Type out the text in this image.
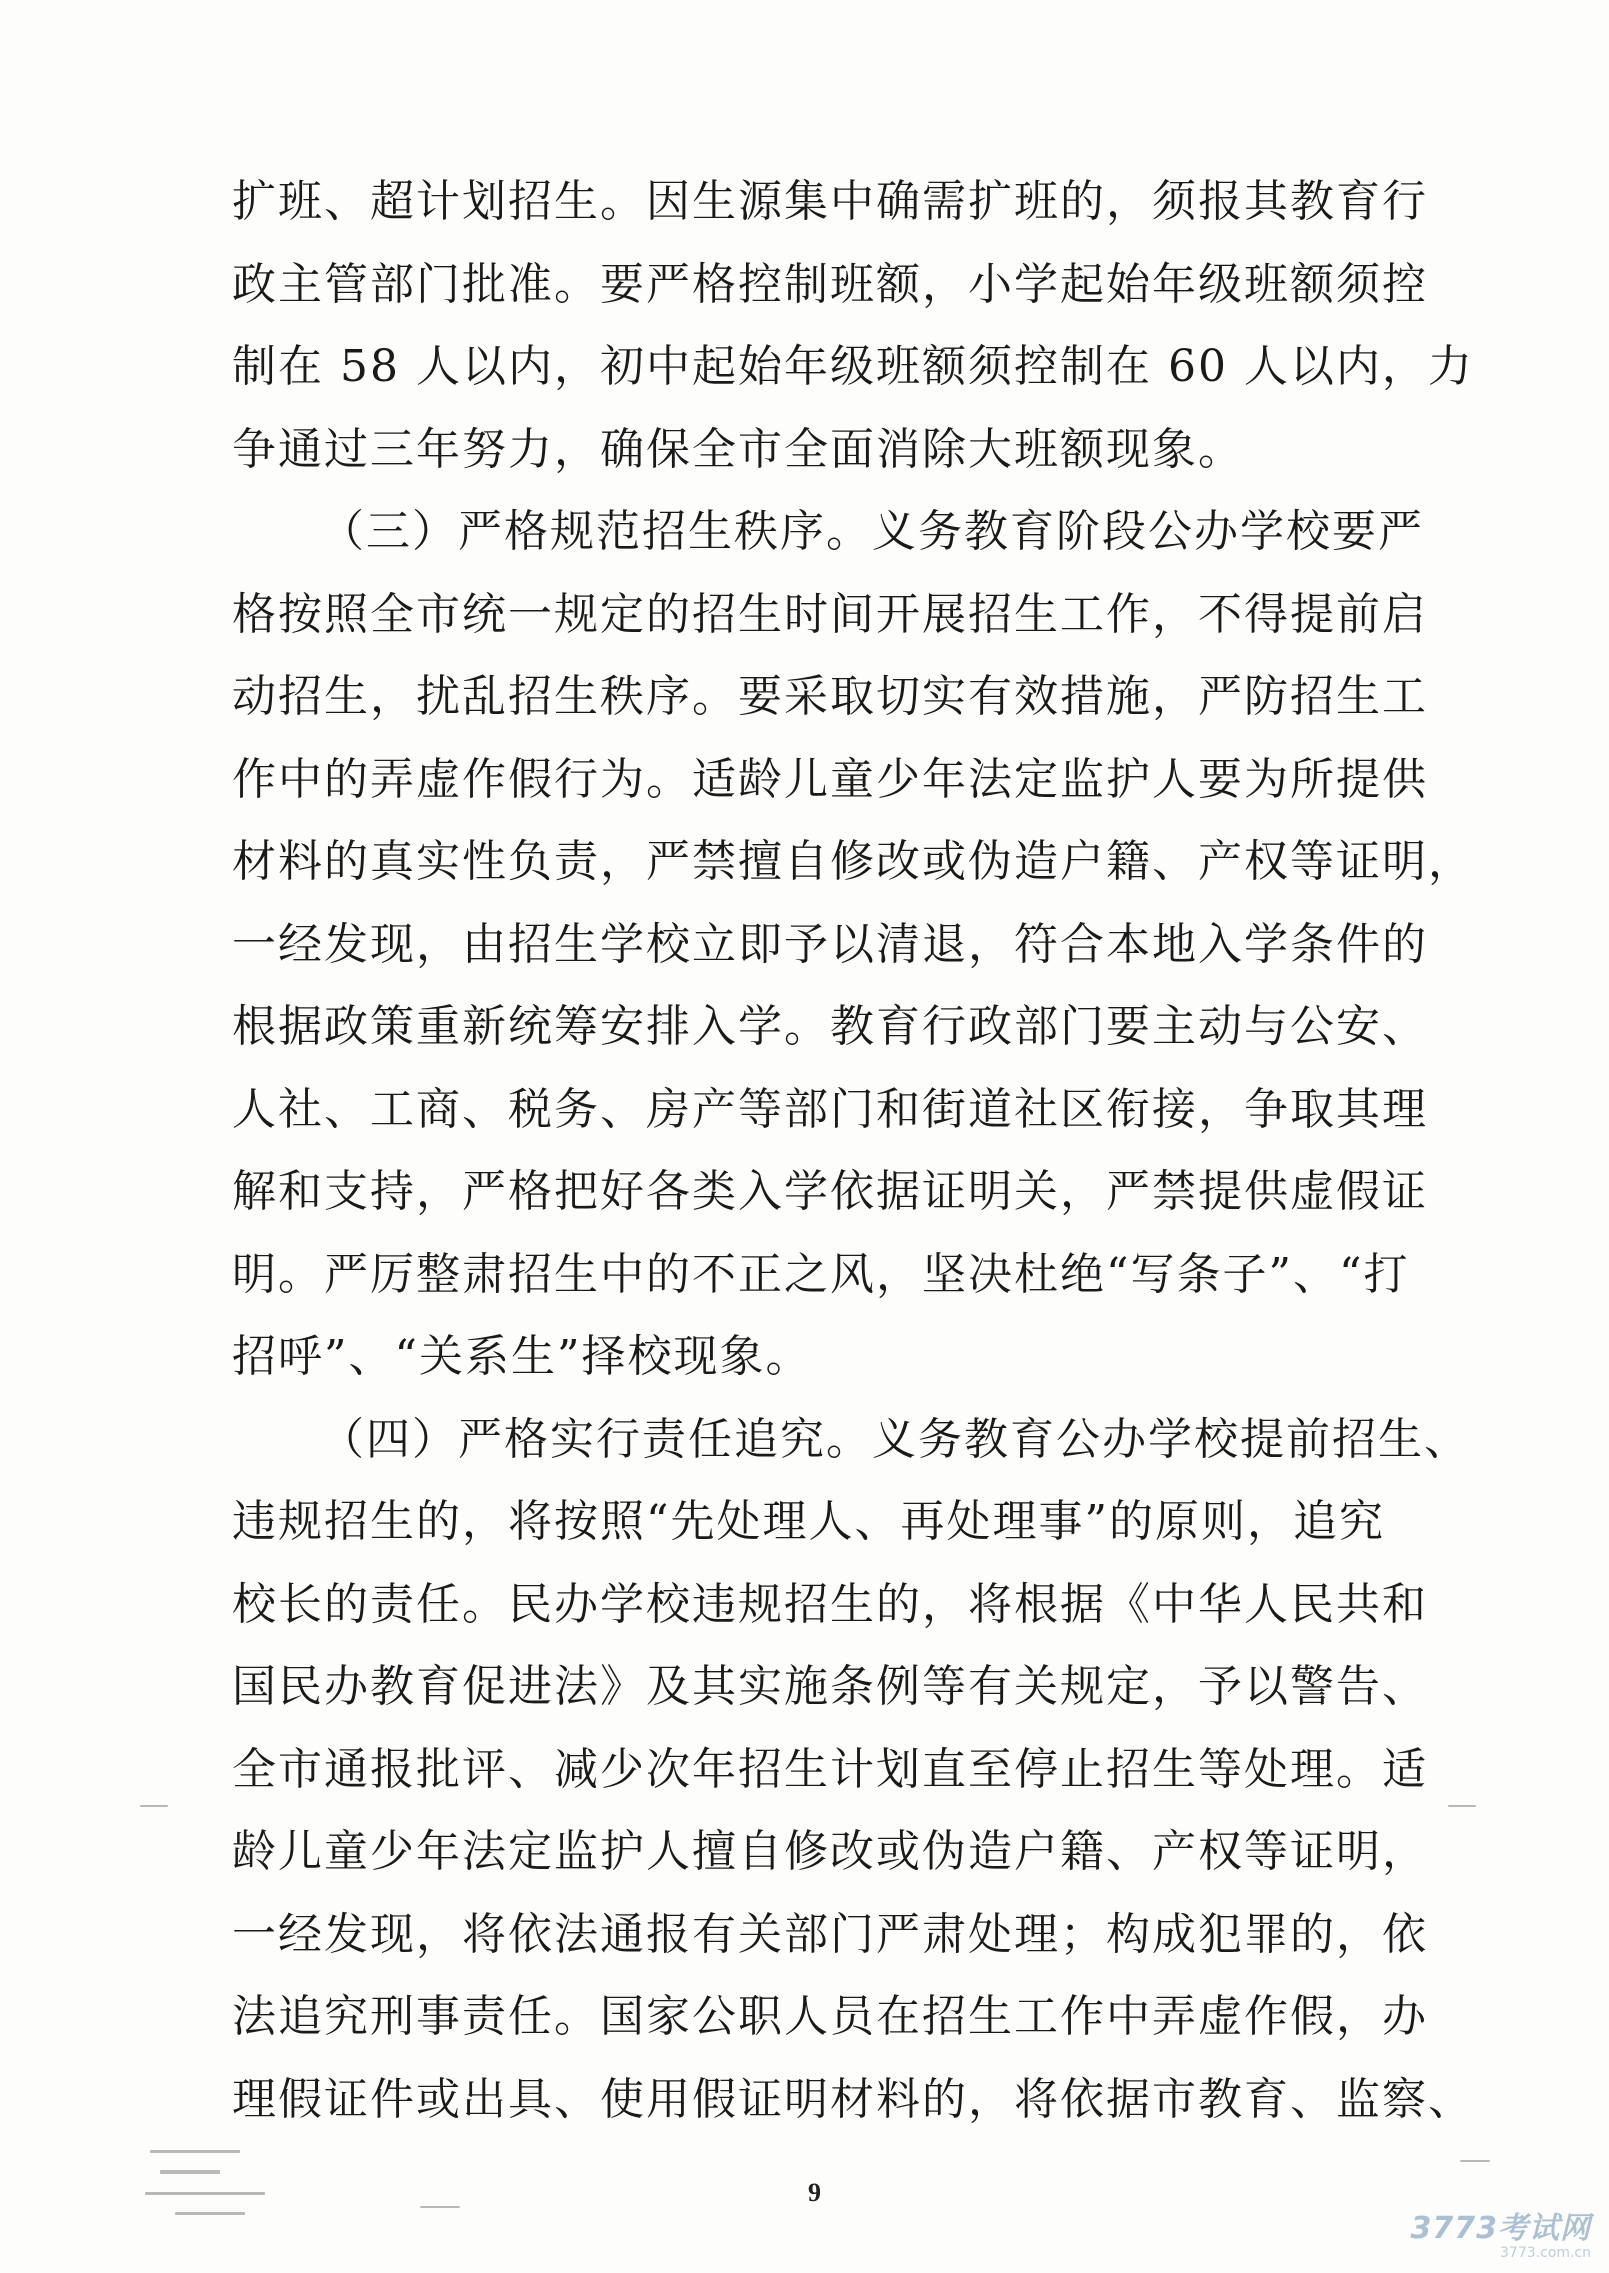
扩班、超计划招生。因生源集中确需扩班的，须报其教育行
政主管部门批准。要严格控制班额，小学起始年级班额须控
制在 58 人以内，初中起始年级班额须控制在 60 人以内，力
争通过三年努力，确保全市全面消除大班额现象。
（三）严格规范招生秩序。义务教育阶段公办学校要严
格按照全市统一规定的招生时间开展招生工作，不得提前启
动招生，扰乱招生秩序。要采取切实有效措施，严防招生工
作中的弄虚作假行为。适龄儿童少年法定监护人要为所提供
材料的真实性负责，严禁擅自修改或伪造户籍、产权等证明，
一经发现，由招生学校立即予以清退，符合本地入学条件的
根据政策重新统筹安排入学。教育行政部门要主动与公安、
人社、工商、税务、房产等部门和街道社区衔接，争取其理
解和支持，严格把好各类入学依据证明关，严禁提供虚假证
明。严厉整肃招生中的不正之风，坚决杜绝“写条子”、“打
招呼”、“关系生”择校现象。
（四）严格实行责任追究。义务教育公办学校提前招生、
违规招生的，将按照“先处理人、再处理事”的原则，追究
校长的责任。民办学校违规招生的，将根据《中华人民共和
国民办教育促进法》及其实施条例等有关规定，予以警告、
全市通报批评、减少次年招生计划直至停止招生等处理。适
龄儿童少年法定监护人擅自修改或伪造户籍、产权等证明，
一经发现，将依法通报有关部门严肃处理；构成犯罪的，依
法追究刑事责任。国家公职人员在招生工作中弄虚作假，办
理假证件或出具、使用假证明材料的，将依据市教育、监察、
9
3773考试网
3773.com.cn
